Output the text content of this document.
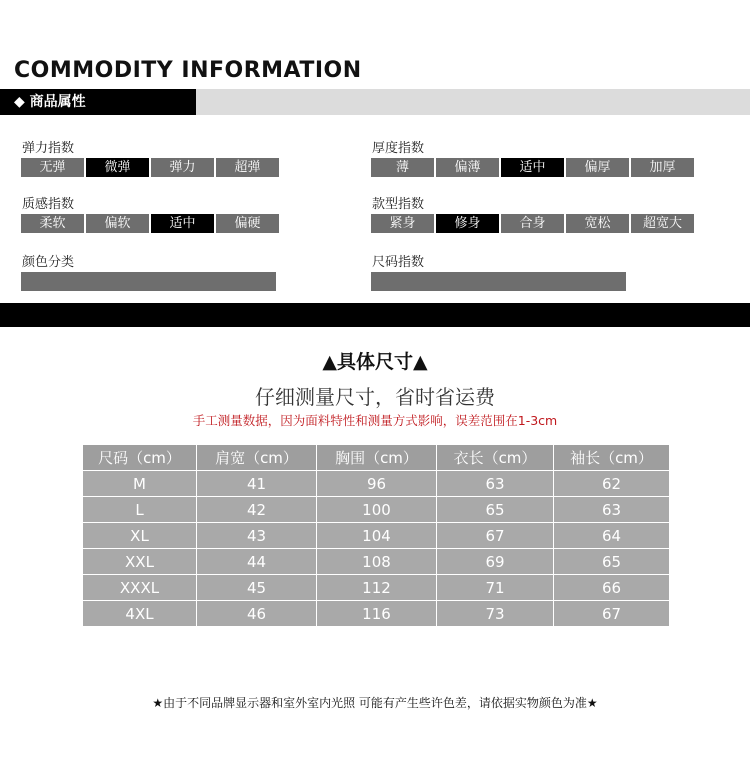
COMMODITY INFORMATION
◆ 商品属性
弹力指数
无弹	微弹	弹力	超弹
厚度指数
薄	偏薄	适中	偏厚	加厚
质感指数
柔软	偏软	适中	偏硬
款型指数
紧身	修身	合身	宽松	超宽大
颜色分类	尺码指数
▲具体尺寸▲
仔细测量尺寸，省时省运费
手工测量数据，因为面料特性和测量方式影响，误差范围在1-3cm
尺码（cm）	肩宽（cm）	胸围（cm）	衣长（cm）	袖长（cm）
M	41	96	63	62
L	42	100	65	63
XL	43	104	67	64
XXL	44	108	69	65
XXXL	45	112	71	66
4XL	46	116	73	67
★由于不同品牌显示器和室外室内光照 可能有产生些许色差，请依据实物颜色为准★
